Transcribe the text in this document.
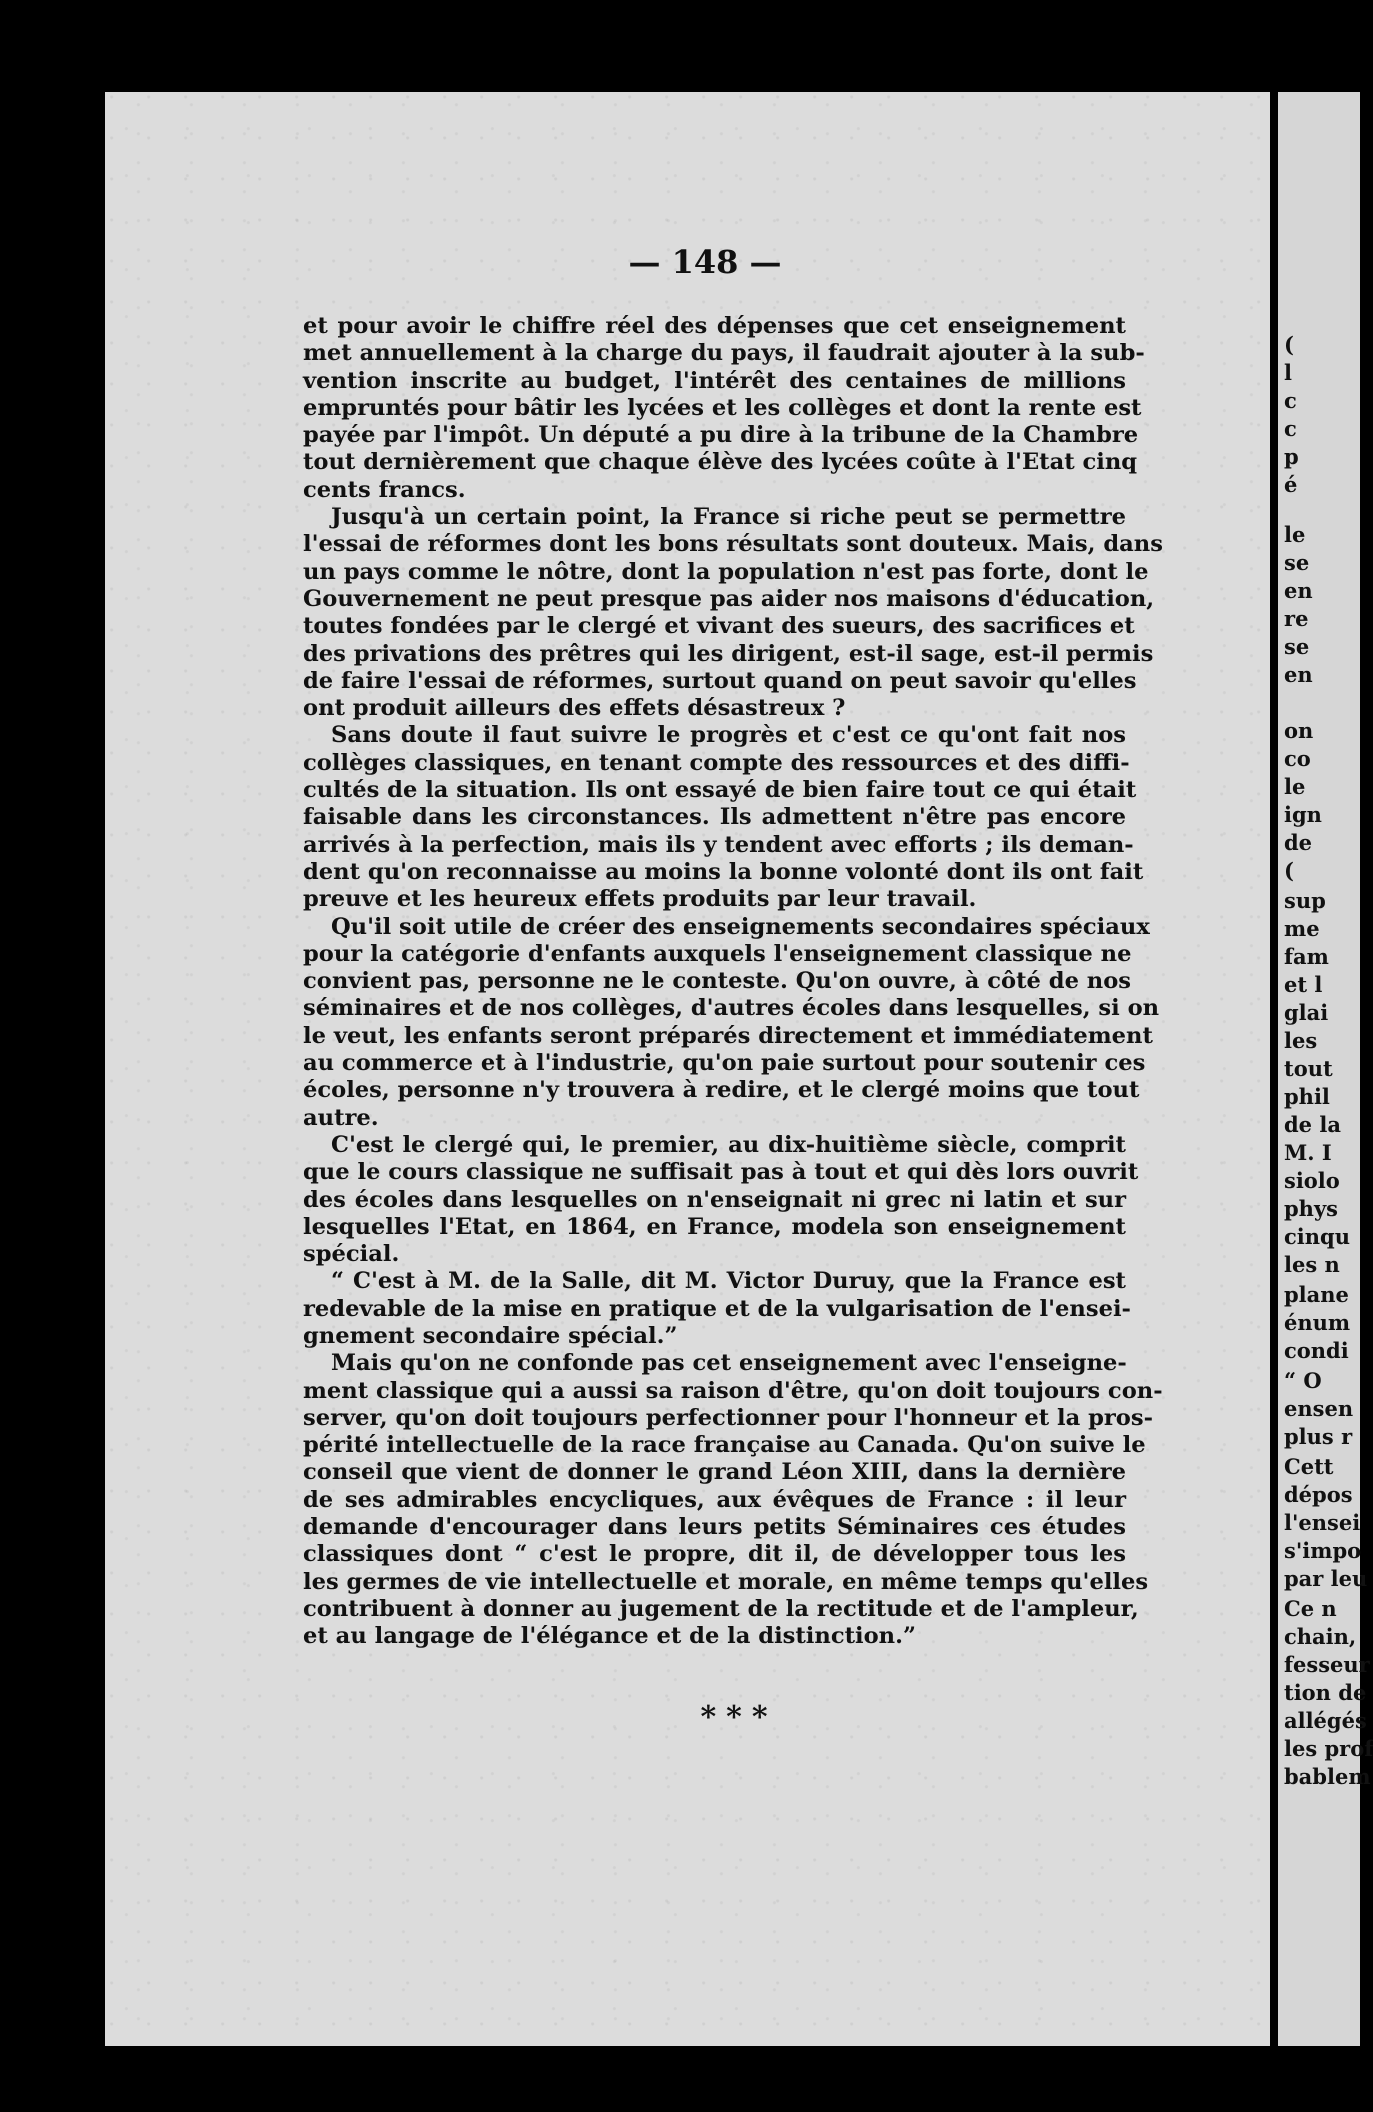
— 148 —
et pour avoir le chiffre réel des dépenses que cet enseignement
met annuellement à la charge du pays, il faudrait ajouter à la sub-
vention inscrite au budget, l'intérêt des centaines de millions
empruntés pour bâtir les lycées et les collèges et dont la rente est
payée par l'impôt. Un député a pu dire à la tribune de la Chambre
tout dernièrement que chaque élève des lycées coûte à l'Etat cinq
cents francs.
Jusqu'à un certain point, la France si riche peut se permettre
l'essai de réformes dont les bons résultats sont douteux. Mais, dans
un pays comme le nôtre, dont la population n'est pas forte, dont le
Gouvernement ne peut presque pas aider nos maisons d'éducation,
toutes fondées par le clergé et vivant des sueurs, des sacrifices et
des privations des prêtres qui les dirigent, est-il sage, est-il permis
de faire l'essai de réformes, surtout quand on peut savoir qu'elles
ont produit ailleurs des effets désastreux ?
Sans doute il faut suivre le progrès et c'est ce qu'ont fait nos
collèges classiques, en tenant compte des ressources et des diffi-
cultés de la situation. Ils ont essayé de bien faire tout ce qui était
faisable dans les circonstances. Ils admettent n'être pas encore
arrivés à la perfection, mais ils y tendent avec efforts ; ils deman-
dent qu'on reconnaisse au moins la bonne volonté dont ils ont fait
preuve et les heureux effets produits par leur travail.
Qu'il soit utile de créer des enseignements secondaires spéciaux
pour la catégorie d'enfants auxquels l'enseignement classique ne
convient pas, personne ne le conteste. Qu'on ouvre, à côté de nos
séminaires et de nos collèges, d'autres écoles dans lesquelles, si on
le veut, les enfants seront préparés directement et immédiatement
au commerce et à l'industrie, qu'on paie surtout pour soutenir ces
écoles, personne n'y trouvera à redire, et le clergé moins que tout
autre.
C'est le clergé qui, le premier, au dix-huitième siècle, comprit
que le cours classique ne suffisait pas à tout et qui dès lors ouvrit
des écoles dans lesquelles on n'enseignait ni grec ni latin et sur
lesquelles l'Etat, en 1864, en France, modela son enseignement
spécial.
“ C'est à M. de la Salle, dit M. Victor Duruy, que la France est
redevable de la mise en pratique et de la vulgarisation de l'ensei-
gnement secondaire spécial.”
Mais qu'on ne confonde pas cet enseignement avec l'enseigne-
ment classique qui a aussi sa raison d'être, qu'on doit toujours con-
server, qu'on doit toujours perfectionner pour l'honneur et la pros-
périté intellectuelle de la race française au Canada. Qu'on suive le
conseil que vient de donner le grand Léon XIII, dans la dernière
de ses admirables encycliques, aux évêques de France : il leur
demande d'encourager dans leurs petits Séminaires ces études
classiques dont “ c'est le propre, dit il, de développer tous les
les germes de vie intellectuelle et morale, en même temps qu'elles
contribuent à donner au jugement de la rectitude et de l'ampleur,
et au langage de l'élégance et de la distinction.”
* * *
(
l
c
c
p
é
le
se
en
re
se
en
on
co
le
ign
de
(
sup
me
fam
et l
glai
les
tout
phil
de la
M. I
siolo
phys
cinqu
les n
plane
énum
condi
“ O
ensen
plus r
Cett
dépos
l'ensei
s'impo
par leu
Ce n
chain,
fesseur
tion de
allégés
les prof
bablem
